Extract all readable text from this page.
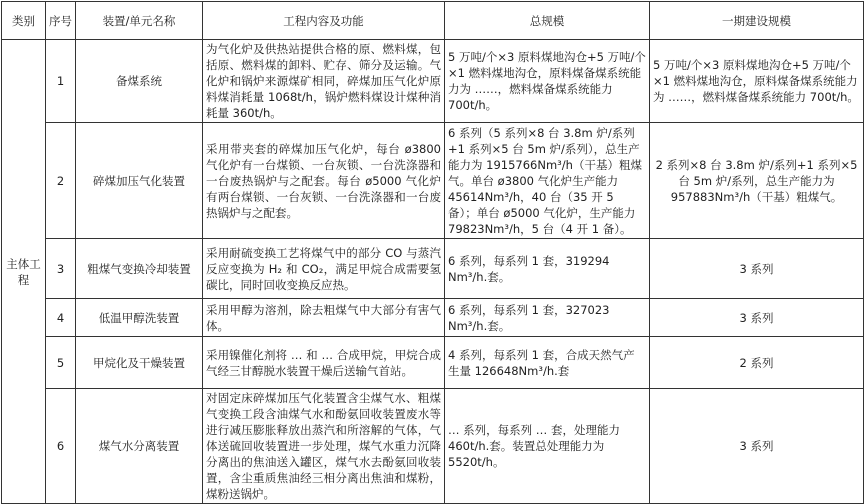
类别	序号	装置/单元名称	工程内容及功能	总规模	一期建设规模
主体工程	1	备煤系统	为气化炉及供热站提供合格的原、燃料煤，包括原、燃料煤的卸料、贮存、筛分及运输。气化炉和锅炉来源煤矿相同，碎煤加压气化炉原料煤消耗量 1068t/h，锅炉燃料煤设计煤种消耗量 360t/h。	5 万吨/个×3 原料煤地沟仓+5 万吨/个×1 燃料煤地沟仓，原料煤备煤系统能力为 ……，燃料煤备煤系统能力 700t/h。	5 万吨/个×3 原料煤地沟仓+5 万吨/个×1 燃料煤地沟仓，原料煤备煤系统能力为 ……，燃料煤备煤系统能力 700t/h。
	2	碎煤加压气化装置	采用带夹套的碎煤加压气化炉，每台 ø3800 气化炉有一台煤锁、一台灰锁、一台洗涤器和一台废热锅炉与之配套。每台 ø5000 气化炉有两台煤锁、一台灰锁、一台洗涤器和一台废热锅炉与之配套。	6 系列（5 系列×8 台 3.8m 炉/系列+1 系列×5 台 5m 炉/系列），总生产能力为 1915766Nm³/h（干基）粗煤气。单台 ø3800 气化炉生产能力 45614Nm³/h，40 台（35 开 5 备）；单台 ø5000 气化炉，生产能力 79823Nm³/h，5 台（4 开 1 备）。	2 系列×8 台 3.8m 炉/系列+1 系列×5 台 5m 炉/系列，总生产能力为 957883Nm³/h（干基）粗煤气。
	3	粗煤气变换冷却装置	采用耐硫变换工艺将煤气中的部分 CO 与蒸汽反应变换为 H₂ 和 CO₂，满足甲烷合成需要氢碳比，同时回收变换反应热。	6 系列，每系列 1 套，319294 Nm³/h.套。	3 系列
	4	低温甲醇洗装置	采用甲醇为溶剂，除去粗煤气中大部分有害气体。	6 系列，每系列 1 套，327023 Nm³/h.套。	3 系列
	5	甲烷化及干燥装置	采用镍催化剂将 … 和 … 合成甲烷，甲烷合成气经三甘醇脱水装置干燥后送输气首站。	4 系列，每系列 1 套，合成天然气产生量 126648Nm³/h.套	2 系列
	6	煤气水分离装置	对固定床碎煤加压气化装置含尘煤气水、粗煤气变换工段含油煤气水和酚氨回收装置废水等进行减压膨胀释放出蒸汽和所溶解的气体，气体送硫回收装置进一步处理，煤气水重力沉降分离出的焦油送入罐区，煤气水去酚氨回收装置，含尘重质焦油经三相分离出焦油和煤粉，煤粉送锅炉。	… 系列，每系列 … 套，处理能力 460t/h.套。装置总处理能力为 5520t/h。	3 系列
